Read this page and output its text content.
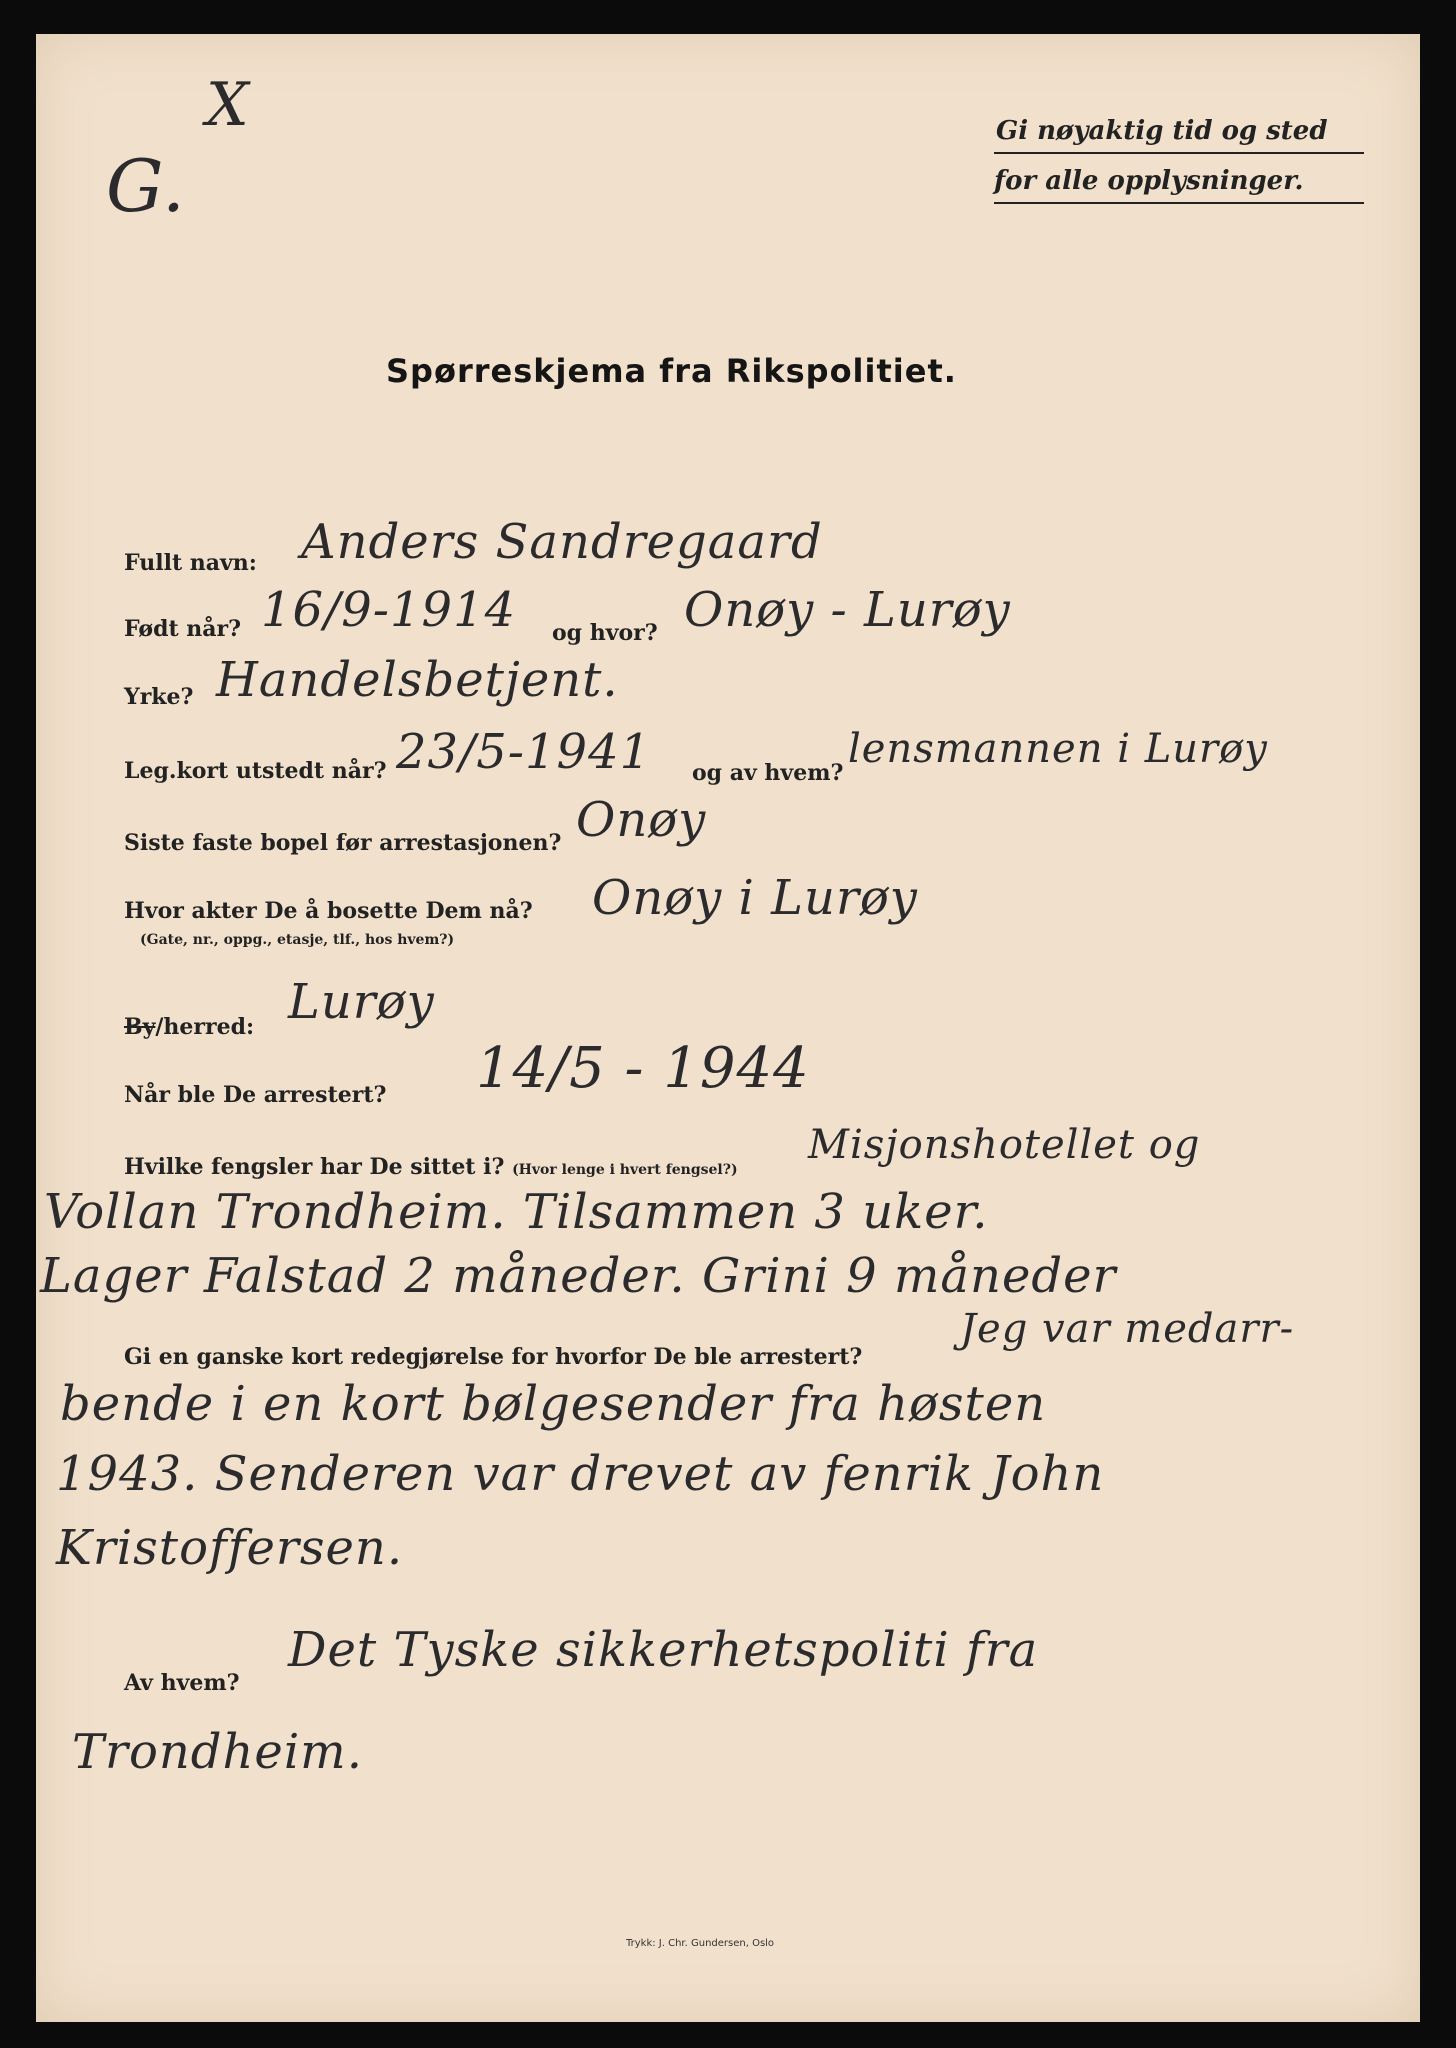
X
G.
Gi nøyaktig tid og sted
for alle opplysninger.
Spørreskjema fra Rikspolitiet.
Fullt navn: Anders Sandregaard
Født når? 16/9-1914 og hvor? Onøy - Lurøy
Yrke? Handelsbetjent.
Leg.kort utstedt når? 23/5-1941 og av hvem?
lensmannen i Lurøy
Siste faste bopel før arrestasjonen? Onøy
Hvor akter De å bosette Dem nå?
(Gate, nr., oppg., etasje, tlf., hos hvem?)
Onøy i Lurøy
By/herred: Lurøy
Når ble De arrestert? 14/5 - 1944
Hvilke fengsler har De sittet i? (Hvor lenge i hvert fengsel?)
Misjonshotellet og
Vollan Trondheim. Tilsammen 3 uker.
Lager Falstad 2 måneder. Grini 9 måneder
Gi en ganske kort redegjørelse for hvorfor De ble arrestert?
Jeg var medarr-
bende i en kort bølgesender fra høsten
1943. Senderen var drevet av fenrik John
Kristoffersen.
Av hvem?
Det Tyske sikkerhetspoliti fra
Trondheim.
Trykk: J. Chr. Gundersen, Oslo
